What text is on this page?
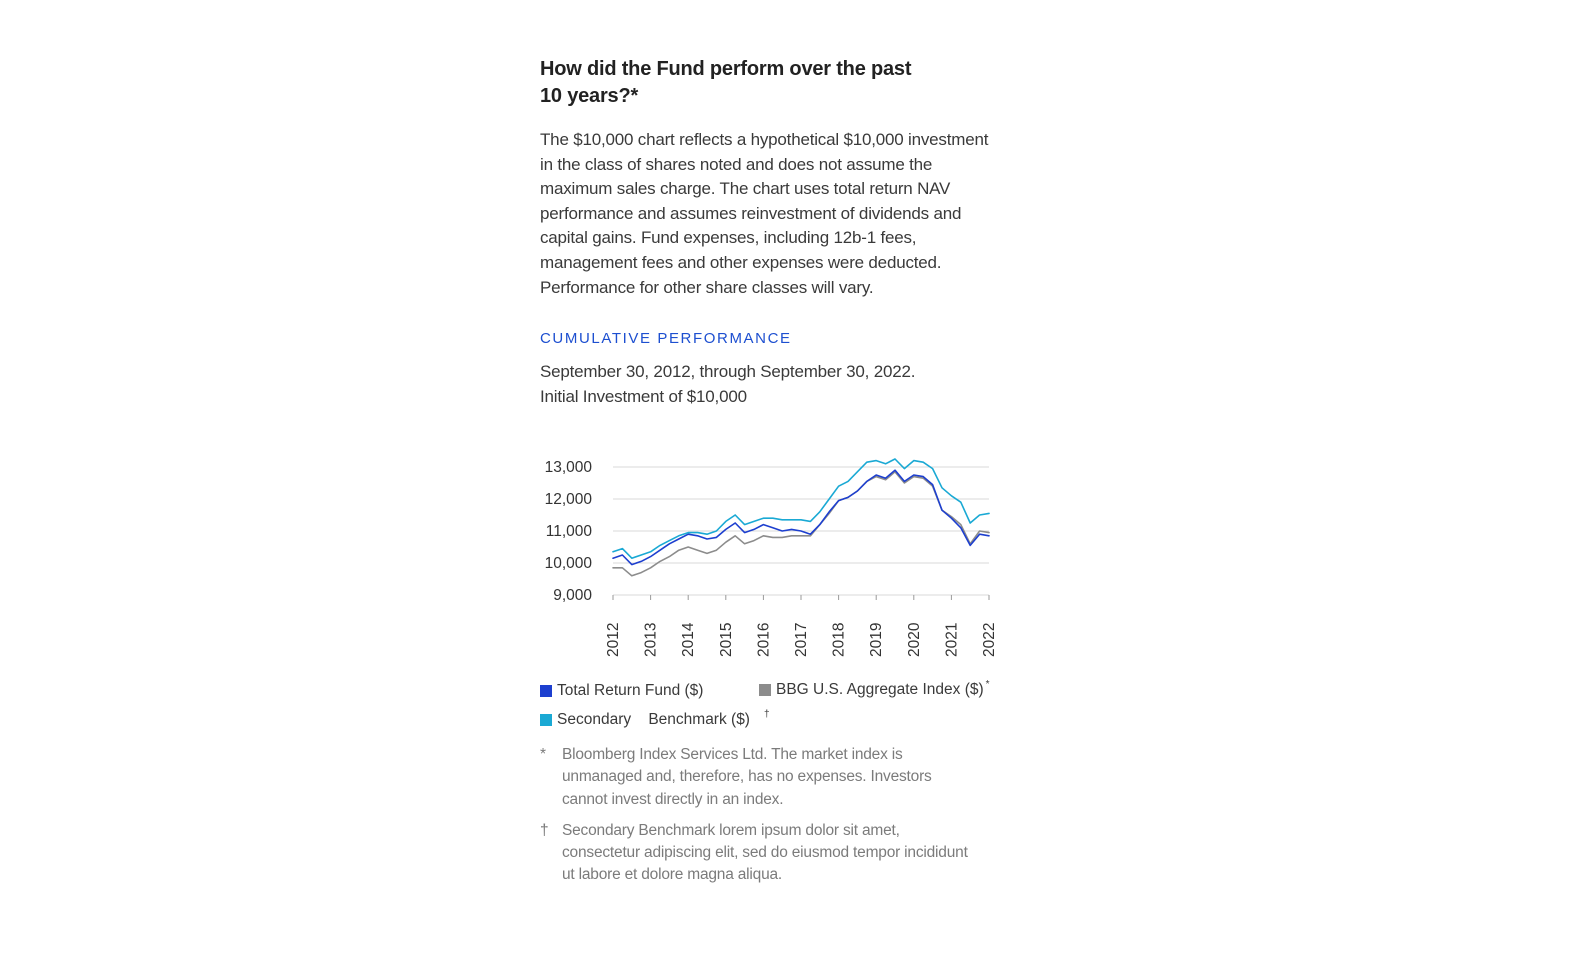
How did the Fund perform over the past 10 years?*

The $10,000 chart reflects a hypothetical $10,000 investment in the class of shares noted and does not assume the maximum sales charge. The chart uses total return NAV performance and assumes reinvestment of dividends and capital gains. Fund expenses, including 12b-1 fees, management fees and other expenses were deducted. Performance for other share classes will vary.

CUMULATIVE PERFORMANCE
September 30, 2012, through September 30, 2022.
Initial Investment of $10,000
9,000
10,000
11,000
12,000
13,000
2012 2013 2014 2015 2016 2017 2018 2019 2020 2021 2022
Total Return Fund ($)	BBG U.S. Aggregate Index ($) *
Secondary    Benchmark ($) †
*	Bloomberg Index Services Ltd. The market index is unmanaged and, therefore, has no expenses. Investors cannot invest directly in an index.
† Secondary Benchmark lorem ipsum dolor sit amet, consectetur adipiscing elit, sed do eiusmod tempor incididunt ut labore et dolore magna aliqua.
